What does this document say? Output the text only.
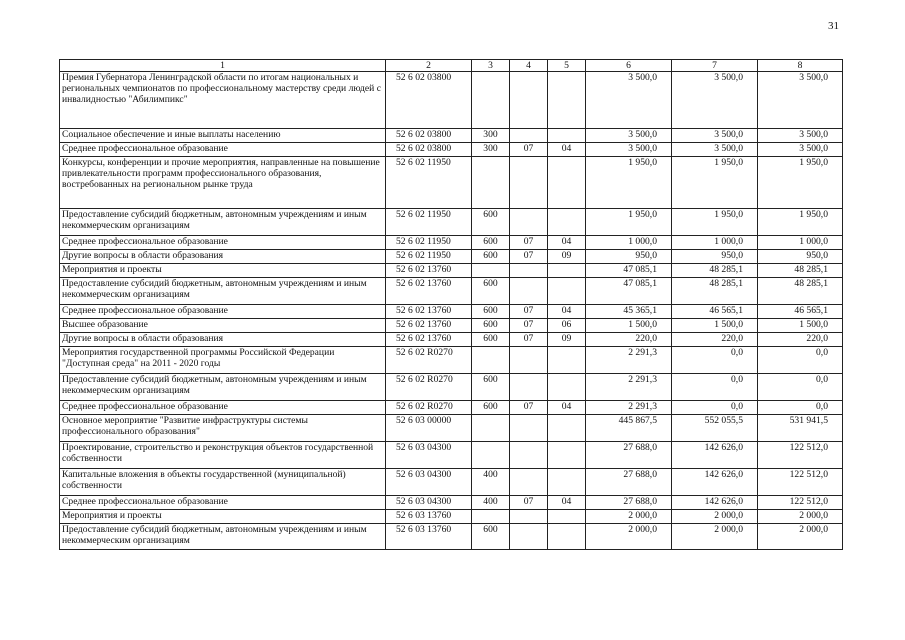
31
1	2	3	4	5	6	7	8
Премия Губернатора Ленинградской области по итогам национальных и региональных чемпионатов по профессиональному мастерству среди людей с инвалидностью "Абилимпикс"	52 6 02 03800				3 500,0	3 500,0	3 500,0
Социальное обеспечение и иные выплаты населению	52 6 02 03800	300			3 500,0	3 500,0	3 500,0
Среднее профессиональное образование	52 6 02 03800	300	07	04	3 500,0	3 500,0	3 500,0
Конкурсы, конференции и прочие мероприятия, направленные на повышение привлекательности программ профессионального образования, востребованных на региональном рынке труда	52 6 02 11950				1 950,0	1 950,0	1 950,0
Предоставление субсидий бюджетным, автономным учреждениям и иным некоммерческим организациям	52 6 02 11950	600			1 950,0	1 950,0	1 950,0
Среднее профессиональное образование	52 6 02 11950	600	07	04	1 000,0	1 000,0	1 000,0
Другие вопросы в области образования	52 6 02 11950	600	07	09	950,0	950,0	950,0
Мероприятия и проекты	52 6 02 13760				47 085,1	48 285,1	48 285,1
Предоставление субсидий бюджетным, автономным учреждениям и иным некоммерческим организациям	52 6 02 13760	600			47 085,1	48 285,1	48 285,1
Среднее профессиональное образование	52 6 02 13760	600	07	04	45 365,1	46 565,1	46 565,1
Высшее образование	52 6 02 13760	600	07	06	1 500,0	1 500,0	1 500,0
Другие вопросы в области образования	52 6 02 13760	600	07	09	220,0	220,0	220,0
Мероприятия государственной программы Российской Федерации "Доступная среда" на 2011 - 2020 годы	52 6 02 R0270				2 291,3	0,0	0,0
Предоставление субсидий бюджетным, автономным учреждениям и иным некоммерческим организациям	52 6 02 R0270	600			2 291,3	0,0	0,0
Среднее профессиональное образование	52 6 02 R0270	600	07	04	2 291,3	0,0	0,0
Основное мероприятие "Развитие инфраструктуры системы профессионального образования"	52 6 03 00000				445 867,5	552 055,5	531 941,5
Проектирование, строительство и реконструкция объектов государственной собственности	52 6 03 04300				27 688,0	142 626,0	122 512,0
Капитальные вложения в объекты государственной (муниципальной) собственности	52 6 03 04300	400			27 688,0	142 626,0	122 512,0
Среднее профессиональное образование	52 6 03 04300	400	07	04	27 688,0	142 626,0	122 512,0
Мероприятия и проекты	52 6 03 13760				2 000,0	2 000,0	2 000,0
Предоставление субсидий бюджетным, автономным учреждениям и иным некоммерческим организациям	52 6 03 13760	600			2 000,0	2 000,0	2 000,0
